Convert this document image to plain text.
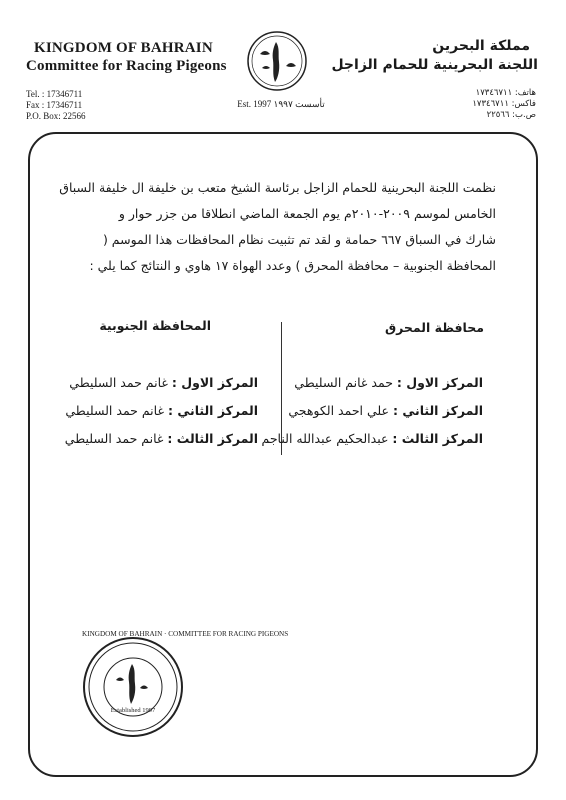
KINGDOM OF BAHRAIN
Committee for Racing Pigeons
Tel. : 17346711
Fax : 17346711
P.O. Box: 22566
Est. 1997 تأسست ١٩٩٧
مملكة البحرين
اللجنة البحرينية للحمام الزاجل
هاتف: ١٧٣٤٦٧١١
فاكس: ١٧٣٤٦٧١١
ص.ب: ٢٢٥٦٦
نظمت اللجنة البحرينية للحمام الزاجل برئاسة الشيخ متعب بن خليفة ال خليفة السباق
الخامس لموسم ٢٠٠٩-٢٠١٠م يوم الجمعة الماضي انطلاقا من جزر حوار و
شارك في السباق ٦٦٧ حمامة و لقد تم تثبيت نظام المحافظات هذا الموسم (
المحافظة الجنوبية – محافظة المحرق ) وعدد الهواة ١٧ هاوي و النتائج كما يلي :
محافظة المحرق
المحافظة الجنوبية
المركز الاول : حمد غانم السليطي
المركز الثاني : علي احمد الكوهجي
المركز الثالث : عبدالحكيم عبدالله الناجم
المركز الاول : غانم حمد السليطي
المركز الثاني : غانم حمد السليطي
المركز الثالث : غانم حمد السليطي
KINGDOM OF BAHRAIN · COMMITTEE FOR RACING PIGEONS
Established 1997
